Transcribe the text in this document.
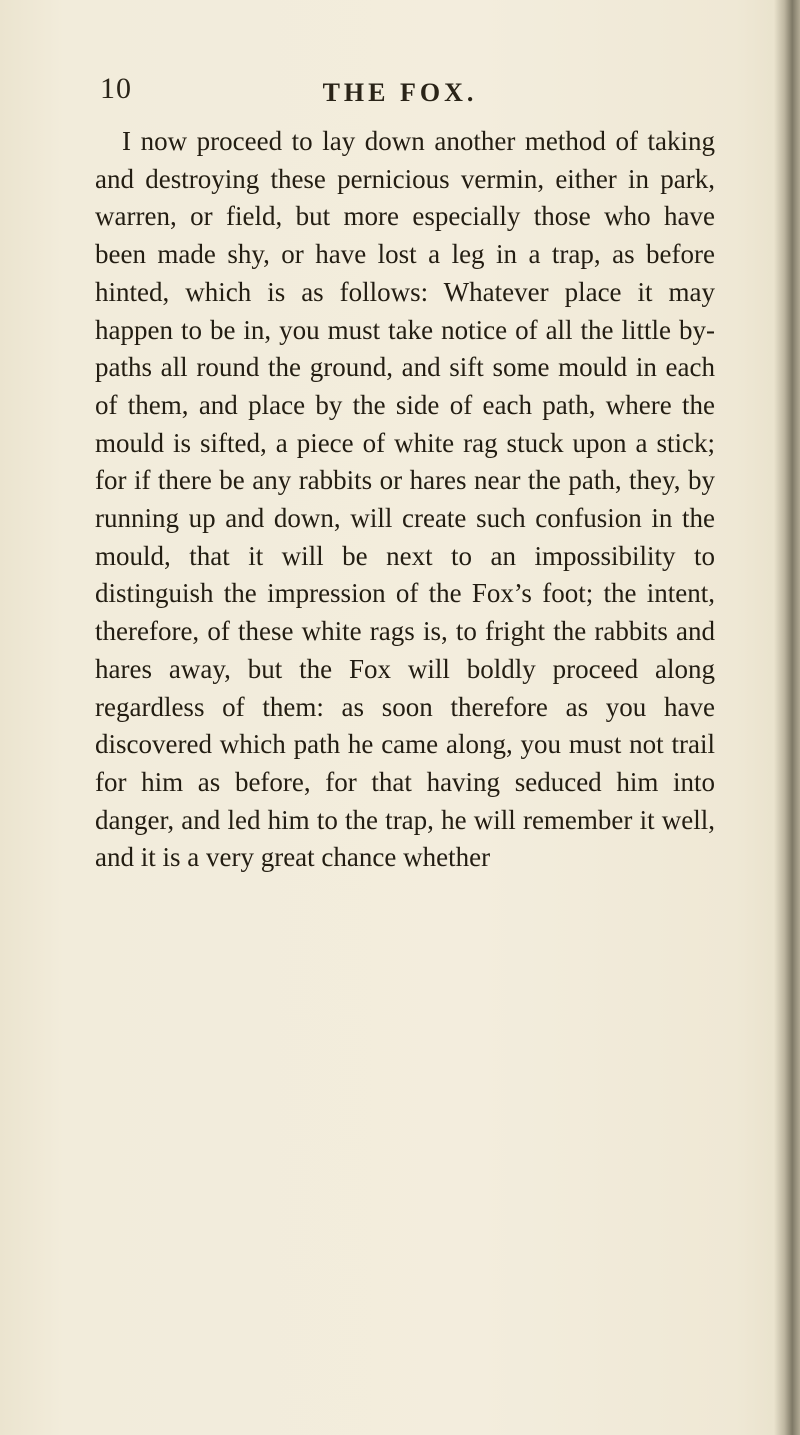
10	THE FOX.

I now proceed to lay down another method of taking and destroying these pernicious vermin, either in park, warren, or field, but more especially those who have been made shy, or have lost a leg in a trap, as before hinted, which is as follows: Whatever place it may happen to be in, you must take notice of all the little by-paths all round the ground, and sift some mould in each of them, and place by the side of each path, where the mould is sifted, a piece of white rag stuck upon a stick; for if there be any rabbits or hares near the path, they, by running up and down, will create such confusion in the mould, that it will be next to an impossibility to distinguish the impression of the Fox’s foot; the intent, therefore, of these white rags is, to fright the rabbits and hares away, but the Fox will boldly proceed along regardless of them: as soon therefore as you have discovered which path he came along, you must not trail for him as before, for that having seduced him into danger, and led him to the trap, he will remember it well, and it is a very great chance whether
